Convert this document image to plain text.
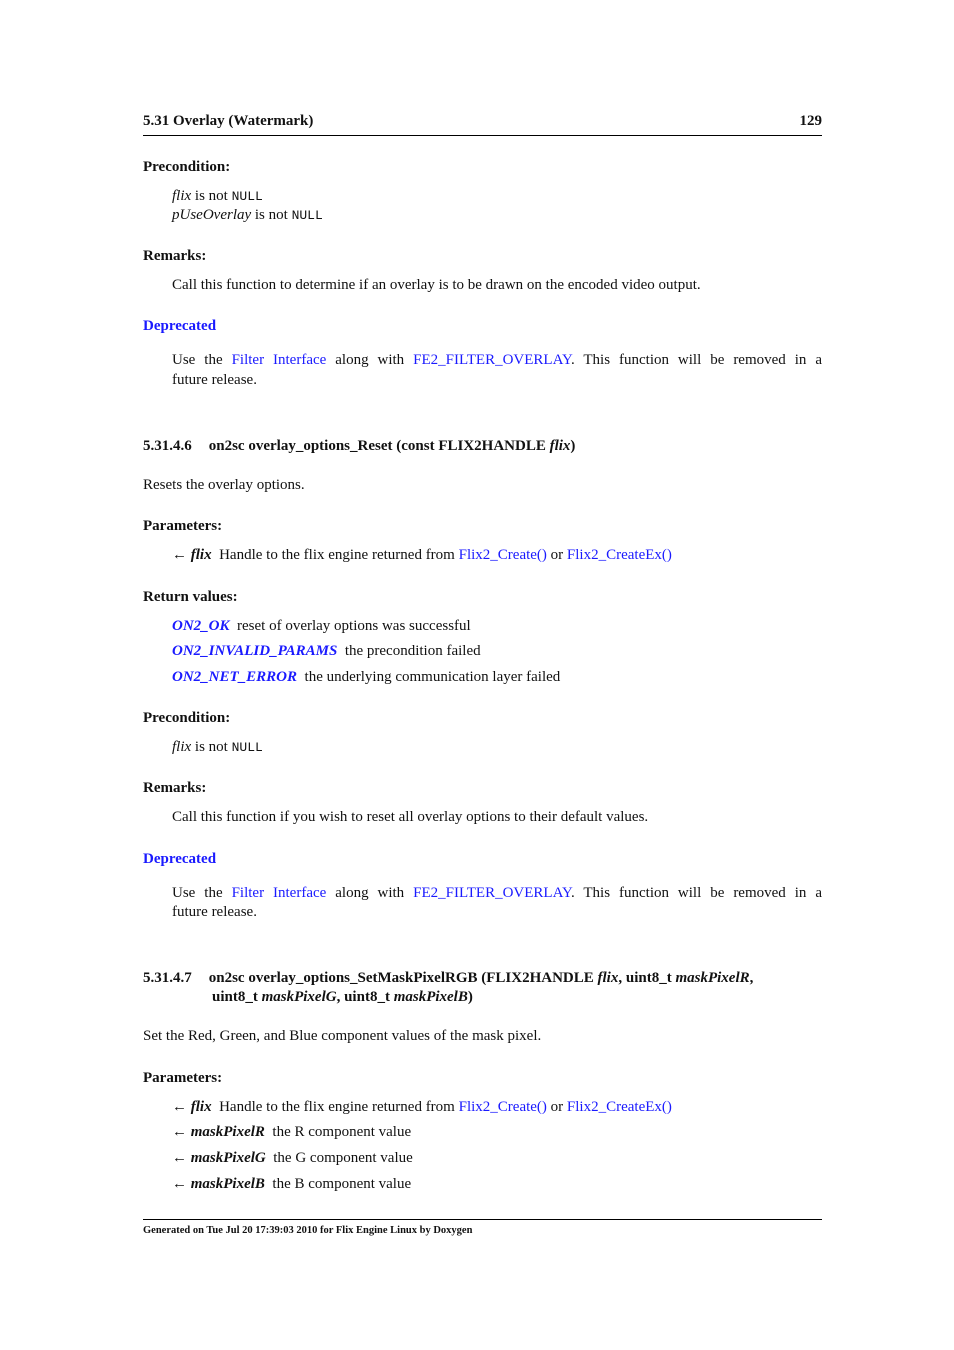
5.31 Overlay (Watermark)	129
Precondition:
flix is not NULL
pUseOverlay is not NULL
Remarks:
Call this function to determine if an overlay is to be drawn on the encoded video output.
Deprecated
Use the Filter Interface along with FE2_FILTER_OVERLAY. This function will be removed in a
future release.
5.31.4.6 on2sc overlay_options_Reset (const FLIX2HANDLE flix)
Resets the overlay options.
Parameters:
← flix Handle to the flix engine returned from Flix2_Create() or Flix2_CreateEx()
Return values:
ON2_OK reset of overlay options was successful
ON2_INVALID_PARAMS the precondition failed
ON2_NET_ERROR the underlying communication layer failed
Precondition:
flix is not NULL
Remarks:
Call this function if you wish to reset all overlay options to their default values.
Deprecated
Use the Filter Interface along with FE2_FILTER_OVERLAY. This function will be removed in a
future release.
5.31.4.7 on2sc overlay_options_SetMaskPixelRGB (FLIX2HANDLE flix, uint8_t maskPixelR,
uint8_t maskPixelG, uint8_t maskPixelB)
Set the Red, Green, and Blue component values of the mask pixel.
Parameters:
← flix Handle to the flix engine returned from Flix2_Create() or Flix2_CreateEx()
← maskPixelR the R component value
← maskPixelG the G component value
← maskPixelB the B component value
Generated on Tue Jul 20 17:39:03 2010 for Flix Engine Linux by Doxygen
